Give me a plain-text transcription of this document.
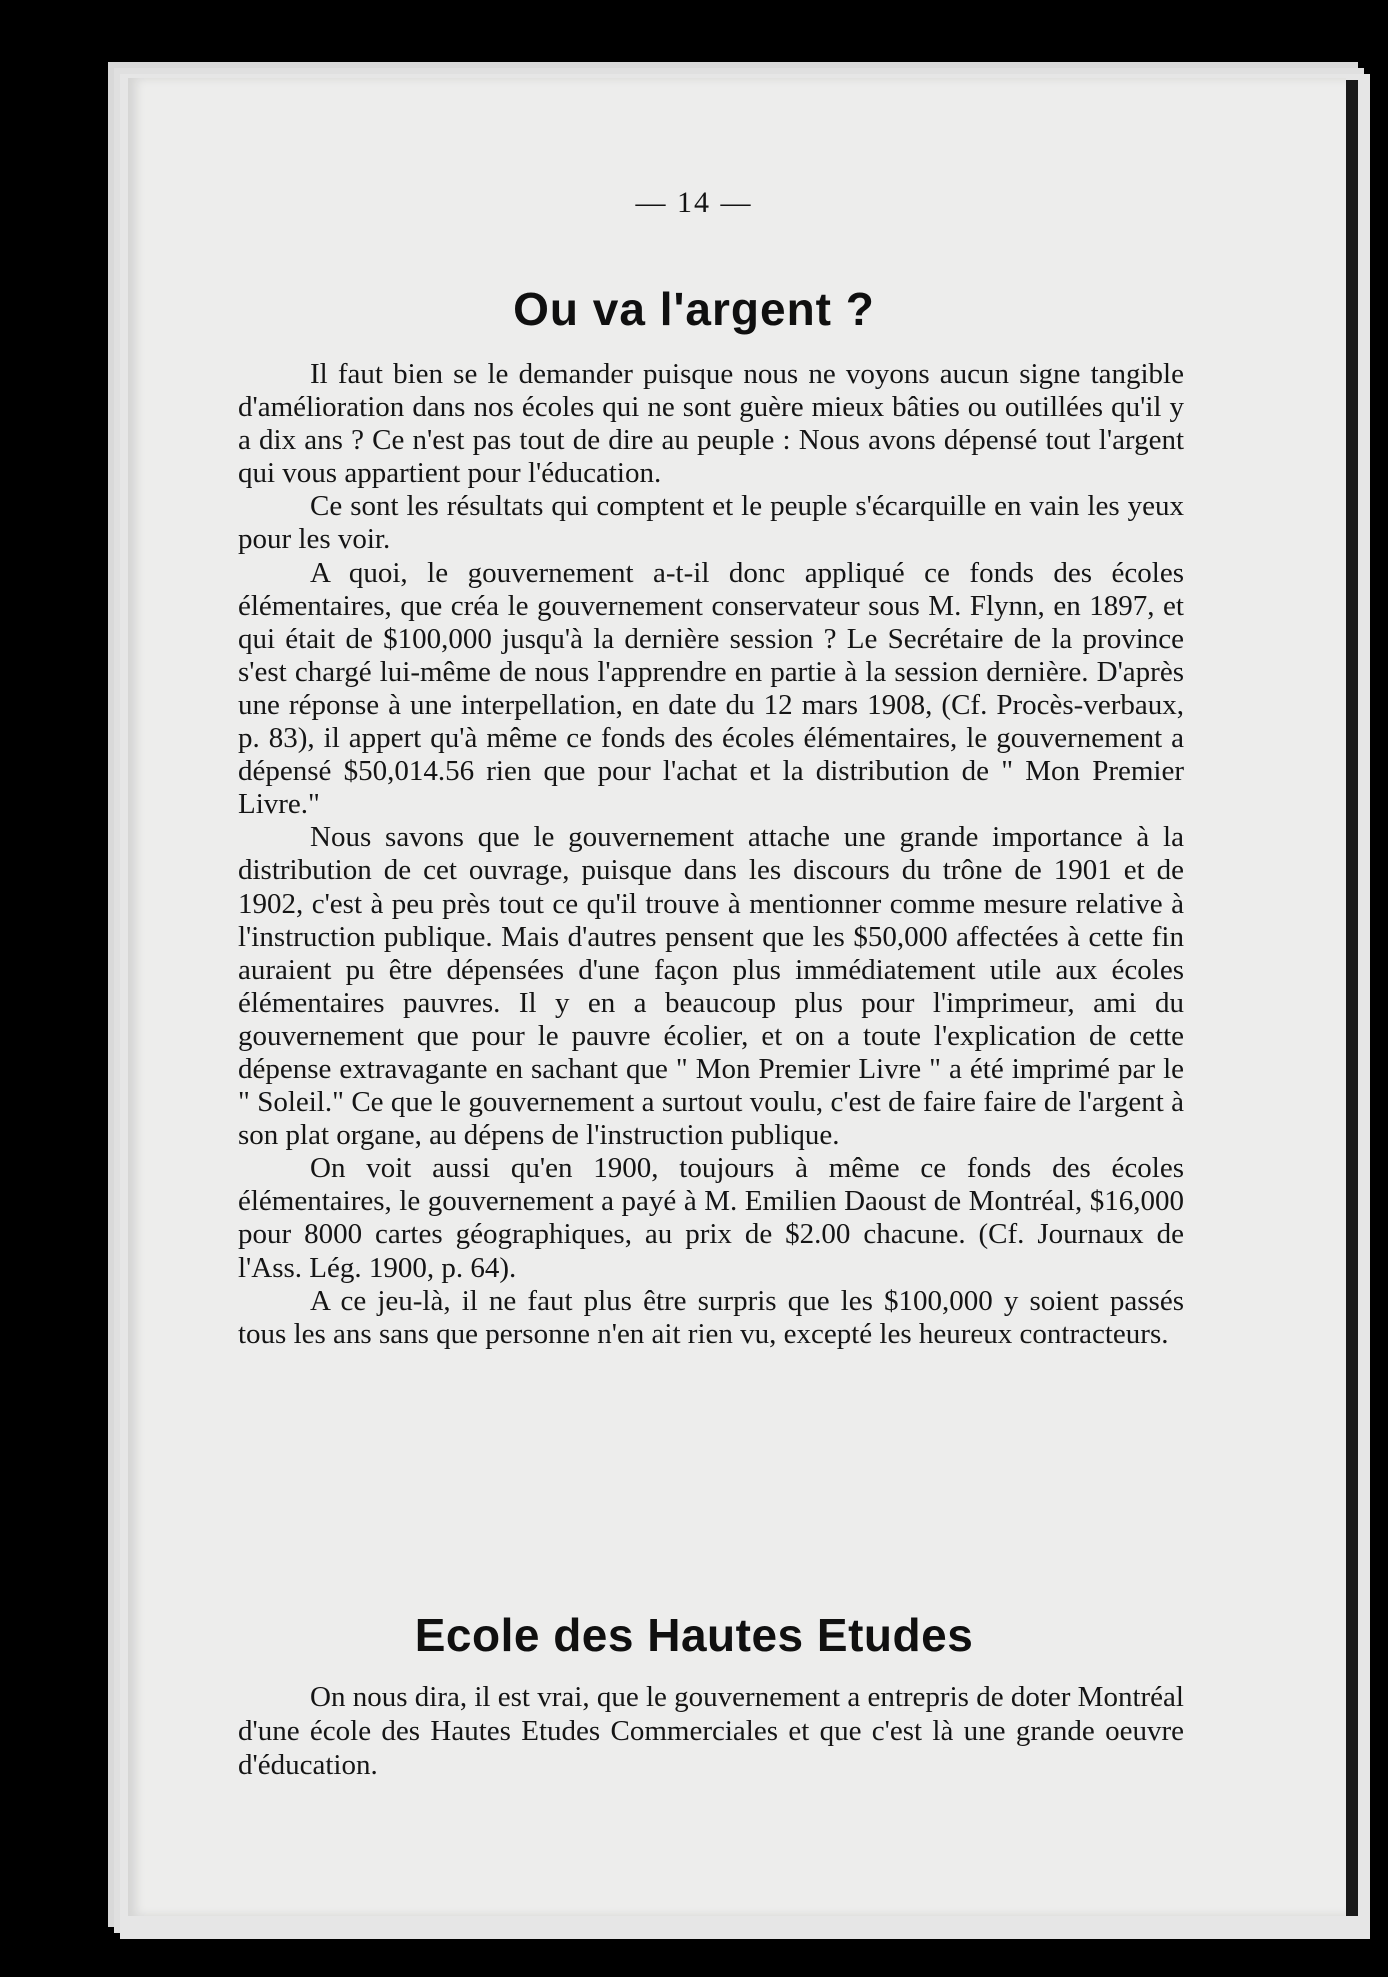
— 14 —
Ou va l'argent ?

Il faut bien se le demander puisque nous ne voyons aucun signe tangible d'amélioration dans nos écoles qui ne sont guère mieux bâties ou outillées qu'il y a dix ans ? Ce n'est pas tout de dire au peuple : Nous avons dépensé tout l'argent qui vous appartient pour l'éducation.

Ce sont les résultats qui comptent et le peuple s'écarquille en vain les yeux pour les voir.

A quoi, le gouvernement a-t-il donc appliqué ce fonds des écoles élémentaires, que créa le gouvernement conservateur sous M. Flynn, en 1897, et qui était de $100,000 jusqu'à la dernière session ? Le Secrétaire de la province s'est chargé lui-même de nous l'apprendre en partie à la session dernière. D'après une réponse à une interpellation, en date du 12 mars 1908, (Cf. Procès-verbaux, p. 83), il appert qu'à même ce fonds des écoles élémentaires, le gouvernement a dépensé $50,014.56 rien que pour l'achat et la distribution de " Mon Premier Livre."

Nous savons que le gouvernement attache une grande importance à la distribution de cet ouvrage, puisque dans les discours du trône de 1901 et de 1902, c'est à peu près tout ce qu'il trouve à mentionner comme mesure relative à l'instruction publique. Mais d'autres pensent que les $50,000 affectées à cette fin auraient pu être dépensées d'une façon plus immédiatement utile aux écoles élémentaires pauvres. Il y en a beaucoup plus pour l'imprimeur, ami du gouvernement que pour le pauvre écolier, et on a toute l'explication de cette dépense extravagante en sachant que " Mon Premier Livre " a été imprimé par le " Soleil." Ce que le gouvernement a surtout voulu, c'est de faire faire de l'argent à son plat organe, au dépens de l'instruction publique.

On voit aussi qu'en 1900, toujours à même ce fonds des écoles élémentaires, le gouvernement a payé à M. Emilien Daoust de Montréal, $16,000 pour 8000 cartes géographiques, au prix de $2.00 chacune. (Cf. Journaux de l'Ass. Lég. 1900, p. 64).

A ce jeu-là, il ne faut plus être surpris que les $100,000 y soient passés tous les ans sans que personne n'en ait rien vu, excepté les heureux contracteurs.

Ecole des Hautes Etudes

On nous dira, il est vrai, que le gouvernement a entrepris de doter Montréal d'une école des Hautes Etudes Commerciales et que c'est là une grande oeuvre d'éducation.
